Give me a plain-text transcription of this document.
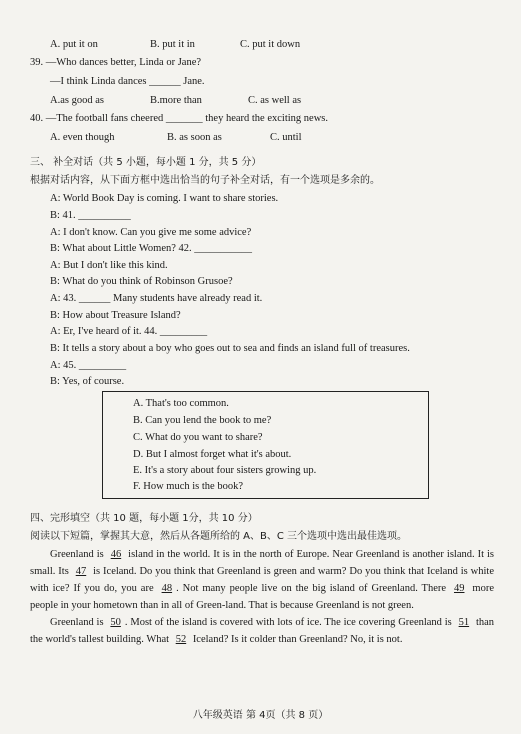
A. put it on	B. put it in	C. put it down
39. —Who dances better, Linda or Jane?
—I think Linda dances ______ Jane.
A.as good as	B.more than	C. as well as
40. —The football fans cheered _______ they heard the exciting news.
A. even though	B. as soon as	C. until
三、 补全对话（共 5 小题，每小题 1 分，共 5 分）
根据对话内容，从下面方框中选出恰当的句子补全对话，有一个选项是多余的。
A: World Book Day is coming. I want to share stories.
B: 41. __________
A: I don't know. Can you give me some advice?
B: What about Little Women? 42. ___________
A: But I don't like this kind.
B: What do you think of Robinson Grusoe?
A: 43. ______ Many students have already read it.
B: How about Treasure Island?
A: Er, I've heard of it. 44. _________
B: It tells a story about a boy who goes out to sea and finds an island full of treasures.
A: 45. _________
B: Yes, of course.
A. That's too common.
B. Can you lend the book to me?
C. What do you want to share?
D. But I almost forget what it's about.
E. It's a story about four sisters growing up.
F. How much is the book?
四、完形填空（共 10 题，每小题 1分，共 10 分）
阅读以下短篇，掌握其大意，然后从各题所给的 A、B、C 三个选项中选出最佳选项。

Greenland is 46 island in the world. It is in the north of Europe. Near Greenland is another island. It is small. Its 47 is Iceland. Do you think that Greenland is green and warm? Do you think that Iceland is white with ice? If you do, you are 48 . Not many people live on the big island of Greenland. There 49 more people in your hometown than in all of Green-land. That is because Greenland is not green.

Greenland is 50 . Most of the island is covered with lots of ice. The ice covering Greenland is 51 than the world's tallest building. What 52 Iceland? Is it colder than Greenland? No, it is not.

八年级英语 第 4页（共 8 页）
